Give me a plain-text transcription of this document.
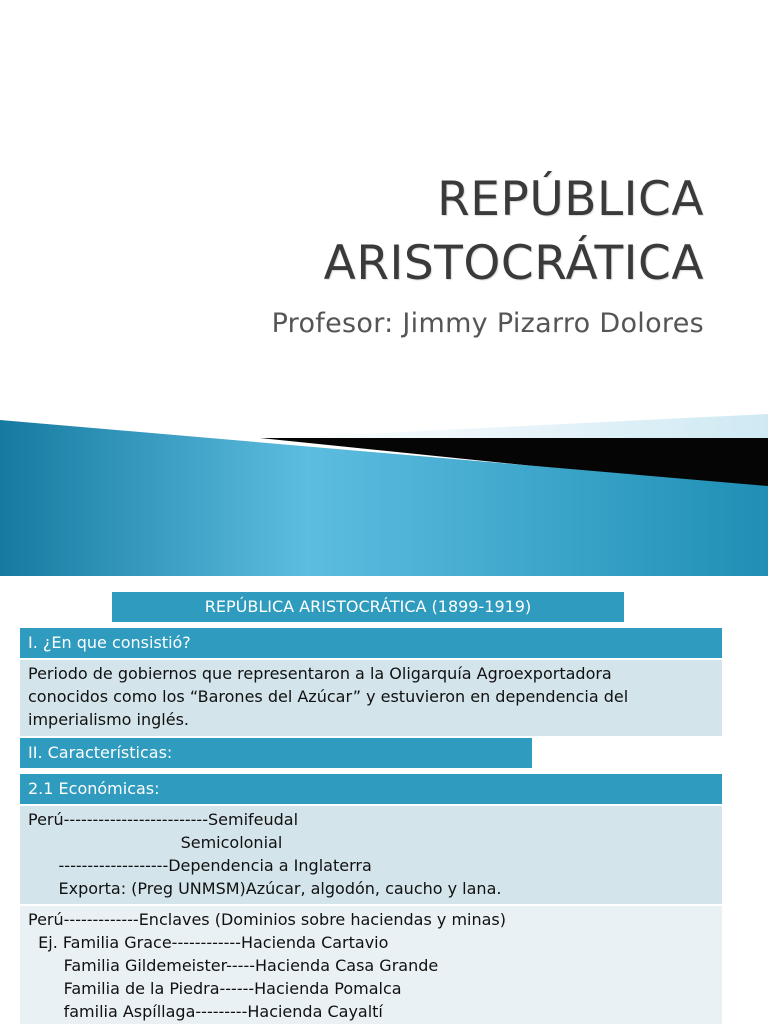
REPÚBLICA
ARISTOCRÁTICA

Profesor: Jimmy Pizarro Dolores

REPÚBLICA ARISTOCRÁTICA (1899-1919)
I. ¿En que consistió?
Periodo de gobiernos que representaron a la Oligarquía Agroexportadora
conocidos como los “Barones del Azúcar” y estuvieron en dependencia del
imperialismo inglés.
II. Características:
2.1 Económicas:
Perú-------------------------Semifeudal
Semicolonial
-------------------Dependencia a Inglaterra
Exporta: (Preg UNMSM)Azúcar, algodón, caucho y lana.
Perú-------------Enclaves (Dominios sobre haciendas y minas)
Ej. Familia Grace------------Hacienda Cartavio
Familia Gildemeister-----Hacienda Casa Grande
Familia de la Piedra------Hacienda Pomalca
familia Aspíllaga---------Hacienda Cayaltí
